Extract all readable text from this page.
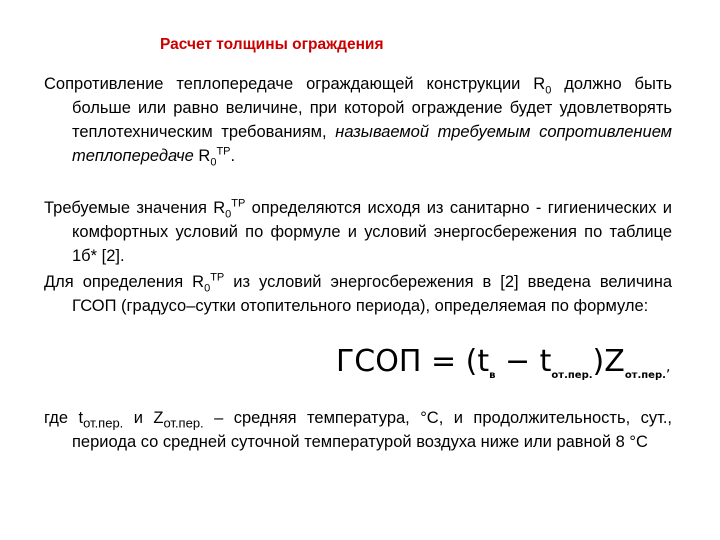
Расчет толщины ограждения

Сопротивление теплопередаче ограждающей конструкции $R_0$ должно быть больше или равно величине, при которой ограждение будет удовлетворять теплотехническим требованиям, называемой требуемым сопротивлением теплопередаче $R_0^{ТР}$.

Требуемые значения $R_0^{ТР}$ определяются исходя из санитарно - гигиенических и комфортных условий по формуле и условий энергосбережения по таблице 1б* [2].

Для определения $R_0^{ТР}$ из условий энергосбережения в [2] введена величина ГСОП (градусо–сутки отопительного периода), определяемая по формуле:

ГСОП = $(t_в - t_{от.пер.})Z_{от.пер.}$,

где $t_{от.пер.}$ и $Z_{от.пер.}$ – средняя температура, °С, и продолжительность, сут., периода со средней суточной температурой воздуха ниже или равной 8 °С
